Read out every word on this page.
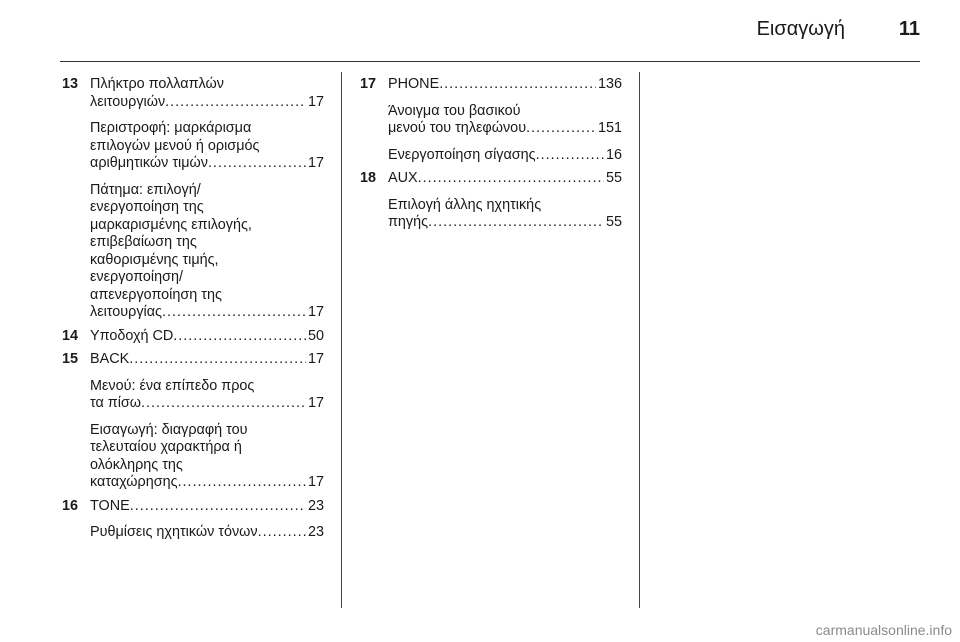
Εισαγωγή	11
13 Πλήκτρο πολλαπλών
λειτουργιών .....	17
Περιστροφή: μαρκάρισμα
επιλογών μενού ή ορισμός
αριθμητικών τιμών .....	17
Πάτημα: επιλογή/
ενεργοποίηση της
μαρκαρισμένης επιλογής,
επιβεβαίωση της
καθορισμένης τιμής,
ενεργοποίηση/
απενεργοποίηση της
λειτουργίας .....	17
14 Υποδοχή CD .....	50
15 BACK .....	17
Μενού: ένα επίπεδο προς
τα πίσω .....	17
Εισαγωγή: διαγραφή του
τελευταίου χαρακτήρα ή
ολόκληρης της
καταχώρησης .....	17
16 TONE .....	23
Ρυθμίσεις ηχητικών τόνων .....	23
17 PHONE .....	136
Άνοιγμα του βασικού
μενού του τηλεφώνου .....	151
Ενεργοποίηση σίγασης .....	16
18 AUX .....	55
Επιλογή άλλης ηχητικής
πηγής .....	55
carmanualsonline.info
